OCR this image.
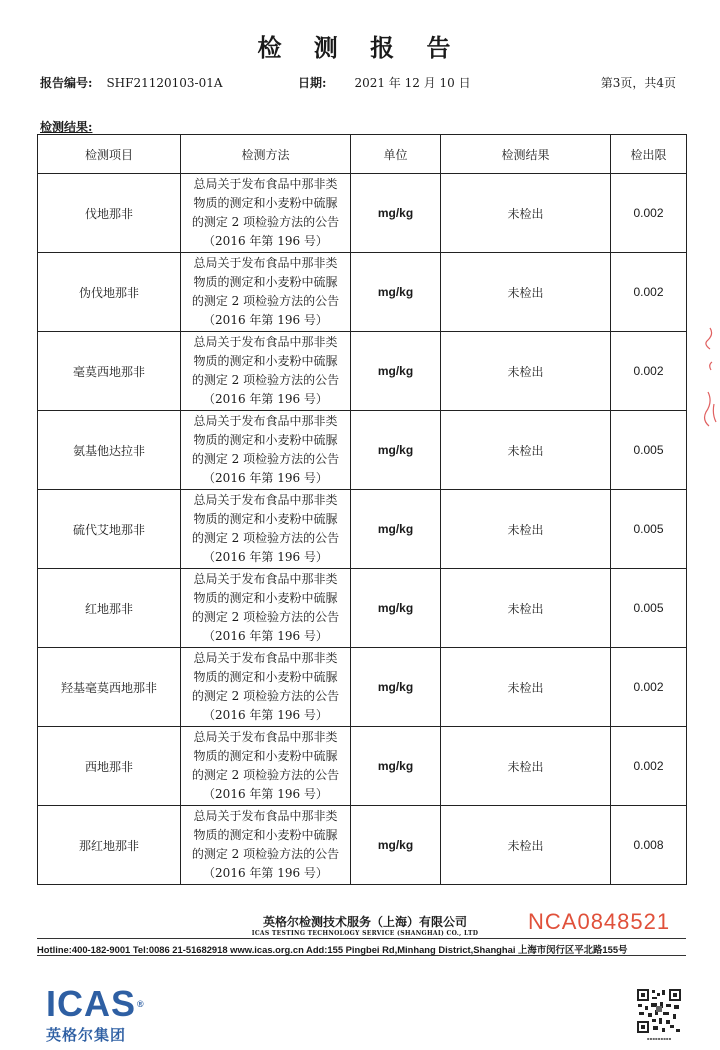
检 测 报 告
报告编号: SHF21120103-01A	日期: 2021 年 12 月 10 日	第3页，共4页
检测结果:
检测项目	检测方法	单位	检测结果	检出限
伐地那非	总局关于发布食品中那非类
物质的测定和小麦粉中硫脲
的测定 2 项检验方法的公告
（2016 年第 196 号）	mg/kg	未检出	0.002
伪伐地那非	总局关于发布食品中那非类
物质的测定和小麦粉中硫脲
的测定 2 项检验方法的公告
（2016 年第 196 号）	mg/kg	未检出	0.002
毫莫西地那非	总局关于发布食品中那非类
物质的测定和小麦粉中硫脲
的测定 2 项检验方法的公告
（2016 年第 196 号）	mg/kg	未检出	0.002
氨基他达拉非	总局关于发布食品中那非类
物质的测定和小麦粉中硫脲
的测定 2 项检验方法的公告
（2016 年第 196 号）	mg/kg	未检出	0.005
硫代艾地那非	总局关于发布食品中那非类
物质的测定和小麦粉中硫脲
的测定 2 项检验方法的公告
（2016 年第 196 号）	mg/kg	未检出	0.005
红地那非	总局关于发布食品中那非类
物质的测定和小麦粉中硫脲
的测定 2 项检验方法的公告
（2016 年第 196 号）	mg/kg	未检出	0.005
羟基毫莫西地那非	总局关于发布食品中那非类
物质的测定和小麦粉中硫脲
的测定 2 项检验方法的公告
（2016 年第 196 号）	mg/kg	未检出	0.002
西地那非	总局关于发布食品中那非类
物质的测定和小麦粉中硫脲
的测定 2 项检验方法的公告
（2016 年第 196 号）	mg/kg	未检出	0.002
那红地那非	总局关于发布食品中那非类
物质的测定和小麦粉中硫脲
的测定 2 项检验方法的公告
（2016 年第 196 号）	mg/kg	未检出	0.008
英格尔检测技术服务（上海）有限公司
ICAS TESTING TECHNOLOGY SERVICE (SHANGHAI) CO., LTD	NCA0848521
Hotline:400-182-9001 Tel:0086 21-51682918 www.icas.org.cn Add:155 Pingbei Rd,Minhang District,Shanghai 上海市闵行区平北路155号
ICAS®
英格尔集团	▪▪▪▪▪▪▪▪▪
